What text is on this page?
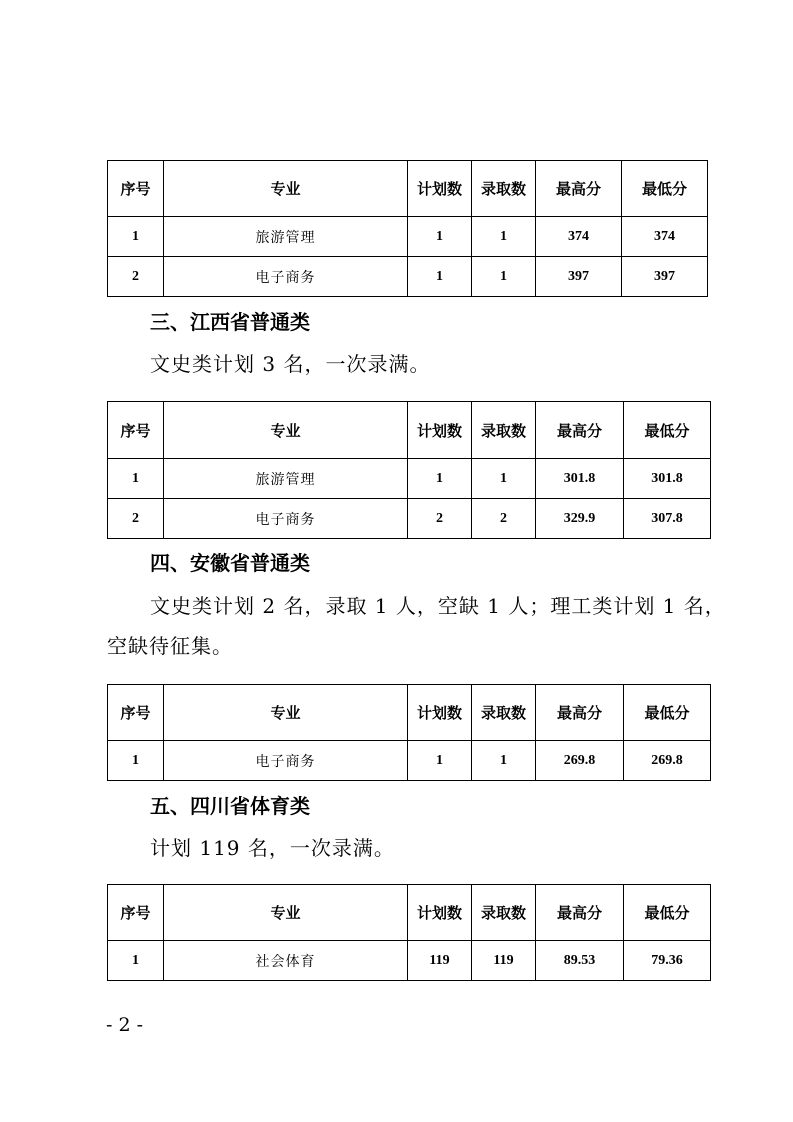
序号	专业	计划数	录取数	最高分	最低分
1	旅游管理	1	1	374	374
2	电子商务	1	1	397	397
三、江西省普通类
文史类计划 3 名，一次录满。
序号	专业	计划数	录取数	最高分	最低分
1	旅游管理	1	1	301.8	301.8
2	电子商务	2	2	329.9	307.8
四、安徽省普通类
文史类计划 2 名，录取 1 人，空缺 1 人；理工类计划 1 名，
空缺待征集。
序号	专业	计划数	录取数	最高分	最低分
1	电子商务	1	1	269.8	269.8
五、四川省体育类
计划 119 名，一次录满。
序号	专业	计划数	录取数	最高分	最低分
1	社会体育	119	119	89.53	79.36
- 2 -
